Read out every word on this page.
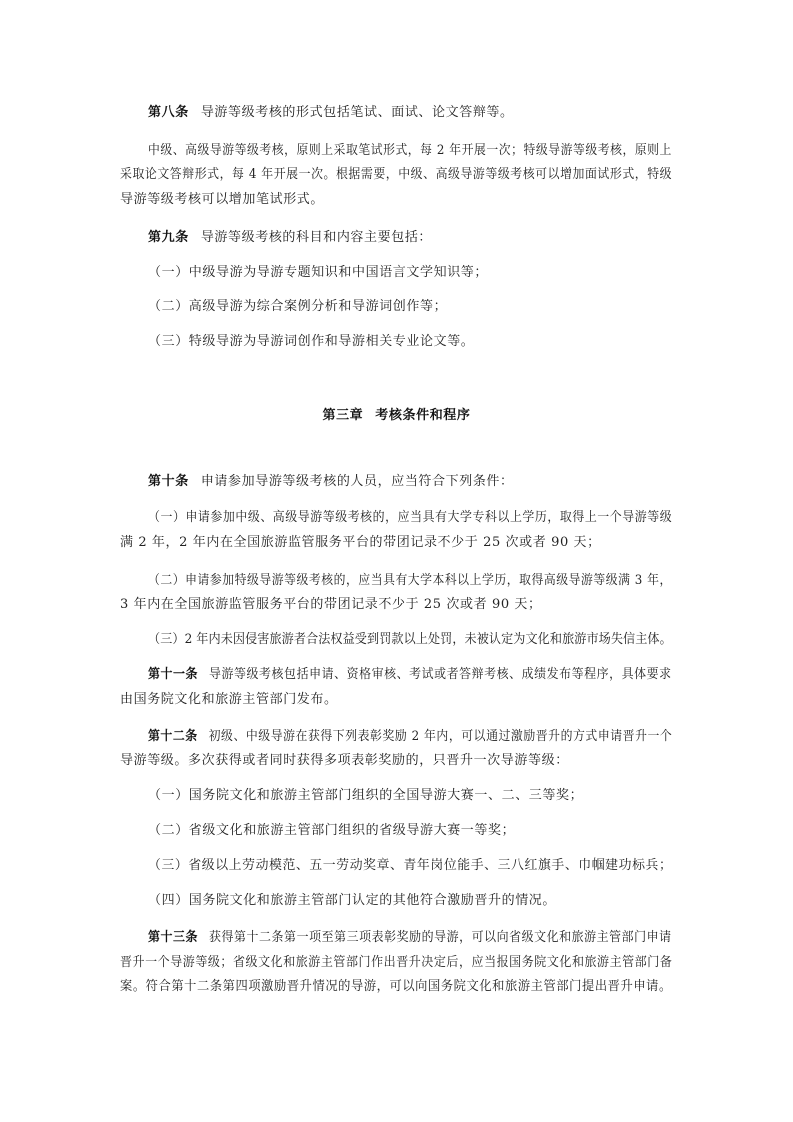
第八条 导游等级考核的形式包括笔试、面试、论文答辩等。
中级、高级导游等级考核，原则上采取笔试形式，每 2 年开展一次；特级导游等级考核，原则上
采取论文答辩形式，每 4 年开展一次。根据需要，中级、高级导游等级考核可以增加面试形式，特级
导游等级考核可以增加笔试形式。
第九条 导游等级考核的科目和内容主要包括：
（一）中级导游为导游专题知识和中国语言文学知识等；
（二）高级导游为综合案例分析和导游词创作等；
（三）特级导游为导游词创作和导游相关专业论文等。
第三章 考核条件和程序
第十条 申请参加导游等级考核的人员，应当符合下列条件：
（一）申请参加中级、高级导游等级考核的，应当具有大学专科以上学历，取得上一个导游等级
满 2 年，2 年内在全国旅游监管服务平台的带团记录不少于 25 次或者 90 天；
（二）申请参加特级导游等级考核的，应当具有大学本科以上学历，取得高级导游等级满 3 年，
3 年内在全国旅游监管服务平台的带团记录不少于 25 次或者 90 天；
（三）2 年内未因侵害旅游者合法权益受到罚款以上处罚，未被认定为文化和旅游市场失信主体。
第十一条 导游等级考核包括申请、资格审核、考试或者答辩考核、成绩发布等程序，具体要求
由国务院文化和旅游主管部门发布。
第十二条 初级、中级导游在获得下列表彰奖励 2 年内，可以通过激励晋升的方式申请晋升一个
导游等级。多次获得或者同时获得多项表彰奖励的，只晋升一次导游等级：
（一）国务院文化和旅游主管部门组织的全国导游大赛一、二、三等奖；
（二）省级文化和旅游主管部门组织的省级导游大赛一等奖；
（三）省级以上劳动模范、五一劳动奖章、青年岗位能手、三八红旗手、巾帼建功标兵；
（四）国务院文化和旅游主管部门认定的其他符合激励晋升的情况。
第十三条 获得第十二条第一项至第三项表彰奖励的导游，可以向省级文化和旅游主管部门申请
晋升一个导游等级；省级文化和旅游主管部门作出晋升决定后，应当报国务院文化和旅游主管部门备
案。符合第十二条第四项激励晋升情况的导游，可以向国务院文化和旅游主管部门提出晋升申请。
